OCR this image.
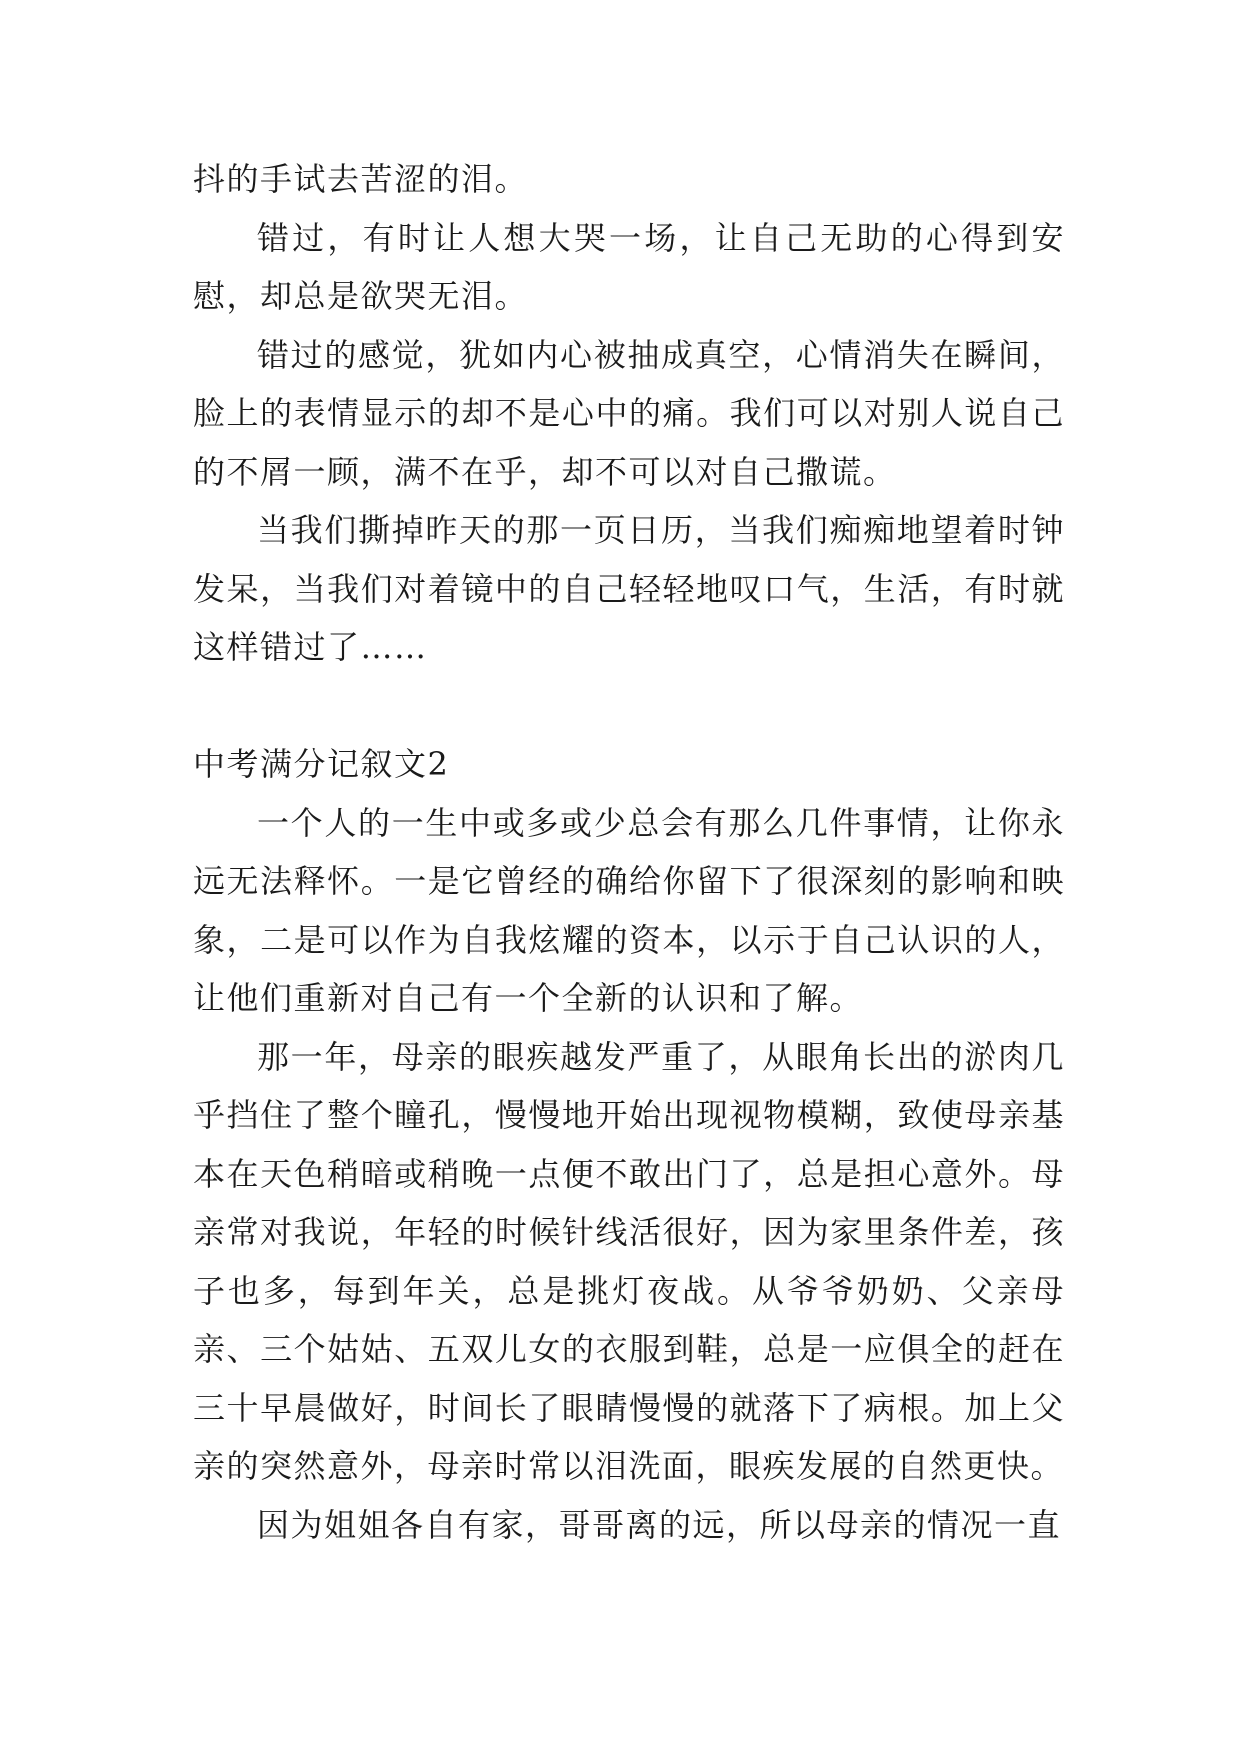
抖的手试去苦涩的泪。

错过，有时让人想大哭一场，让自己无助的心得到安慰，却总是欲哭无泪。

错过的感觉，犹如内心被抽成真空，心情消失在瞬间，脸上的表情显示的却不是心中的痛。我们可以对别人说自己的不屑一顾，满不在乎，却不可以对自己撒谎。

当我们撕掉昨天的那一页日历，当我们痴痴地望着时钟发呆，当我们对着镜中的自己轻轻地叹口气，生活，有时就这样错过了……

中考满分记叙文2

一个人的一生中或多或少总会有那么几件事情，让你永远无法释怀。一是它曾经的确给你留下了很深刻的影响和映象，二是可以作为自我炫耀的资本，以示于自己认识的人，让他们重新对自己有一个全新的认识和了解。

那一年，母亲的眼疾越发严重了，从眼角长出的淤肉几乎挡住了整个瞳孔，慢慢地开始出现视物模糊，致使母亲基本在天色稍暗或稍晚一点便不敢出门了，总是担心意外。母亲常对我说，年轻的时候针线活很好，因为家里条件差，孩子也多，每到年关，总是挑灯夜战。从爷爷奶奶、父亲母亲、三个姑姑、五双儿女的衣服到鞋，总是一应俱全的赶在三十早晨做好，时间长了眼睛慢慢的就落下了病根。加上父亲的突然意外，母亲时常以泪洗面，眼疾发展的自然更快。

因为姐姐各自有家，哥哥离的远，所以母亲的情况一直
